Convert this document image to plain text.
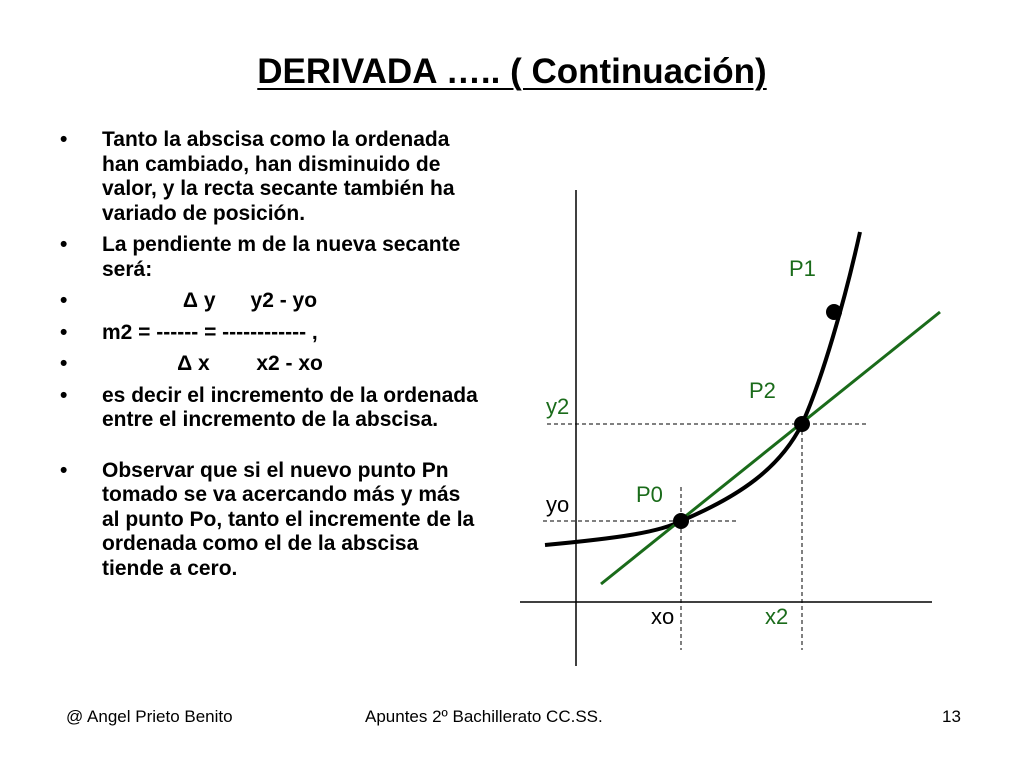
DERIVADA ….. ( Continuación)
• Tanto la abscisa como la ordenada han cambiado, han disminuido de valor, y la recta secante también ha variado de posición.
• La pendiente m de la nueva secante será:
• Δ y      y2 - yo
• m2 = ------ = ------------ ,
• Δ x        x2 - xo
• es decir el incremento de la ordenada entre el incremento de la abscisa.
• Observar que si el nuevo punto Pn tomado se va acercando más y más al punto Po, tanto el incremente de la ordenada como el de la abscisa tiende a cero.
P1
P2
P0
y2
yo
xo	x2
@ Angel Prieto Benito	Apuntes 2º Bachillerato CC.SS.	13
